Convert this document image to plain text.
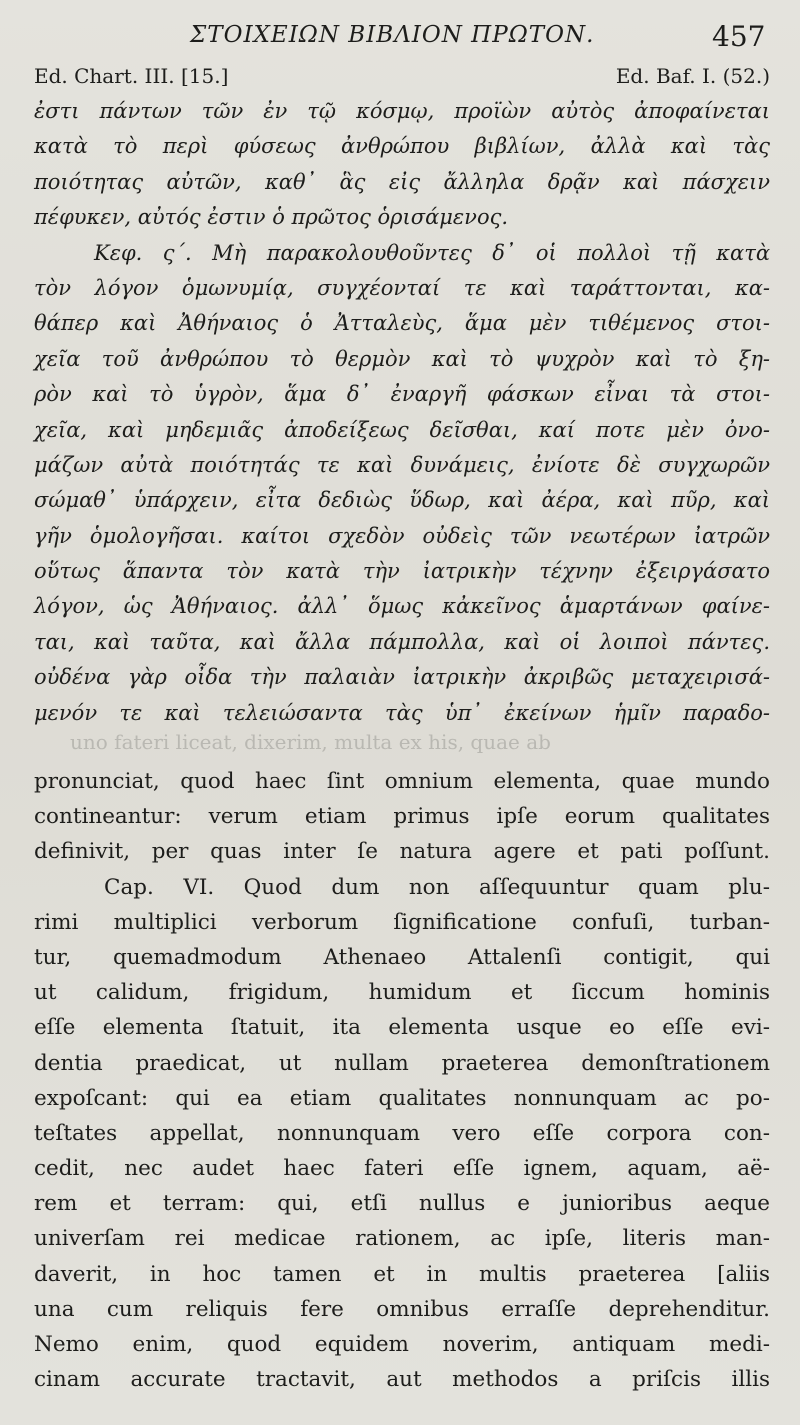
ΣΤΟΙΧΕΙΩΝ ΒΙΒΛΙΟΝ ΠΡΩΤΟΝ.	457
Ed. Chart. III. [15.]	Ed. Baf. I. (52.)
ἐστι πάντων τῶν ἐν τῷ κόσμῳ, προϊὼν αὐτὸς ἀποφαίνεται
κατὰ τὸ περὶ φύσεως ἀνθρώπου βιβλίων, ἀλλὰ καὶ τὰς
ποιότητας αὐτῶν, καθ᾽ ἃς εἰς ἄλληλα δρᾷν καὶ πάσχειν
πέφυκεν, αὐτός ἐστιν ὁ πρῶτος ὁρισάμενος.
Κεφ. ς΄. Μὴ παρακολουθοῦντες δ᾽ οἱ πολλοὶ τῇ κατὰ
τὸν λόγον ὁμωνυμίᾳ, συγχέονταί τε καὶ ταράττονται, κα-
θάπερ καὶ Ἀθήναιος ὁ Ἀτταλεὺς, ἅμα μὲν τιθέμενος στοι-
χεῖα τοῦ ἀνθρώπου τὸ θερμὸν καὶ τὸ ψυχρὸν καὶ τὸ ξη-
ρὸν καὶ τὸ ὑγρὸν, ἅμα δ᾽ ἐναργῆ φάσκων εἶναι τὰ στοι-
χεῖα, καὶ μηδεμιᾶς ἀποδείξεως δεῖσθαι, καί ποτε μὲν ὀνο-
μάζων αὐτὰ ποιότητάς τε καὶ δυνάμεις, ἐνίοτε δὲ συγχωρῶν
σώμαθ᾽ ὑπάρχειν, εἶτα δεδιὼς ὕδωρ, καὶ ἀέρα, καὶ πῦρ, καὶ
γῆν ὁμολογῆσαι. καίτοι σχεδὸν οὐδεὶς τῶν νεωτέρων ἰατρῶν
οὕτως ἅπαντα τὸν κατὰ τὴν ἰατρικὴν τέχνην ἐξειργάσατο
λόγον, ὡς Ἀθήναιος. ἀλλ᾽ ὅμως κἀκεῖνος ἁμαρτάνων φαίνε-
ται, καὶ ταῦτα, καὶ ἄλλα πάμπολλα, καὶ οἱ λοιποὶ πάντες.
οὐδένα γὰρ οἶδα τὴν παλαιὰν ἰατρικὴν ἀκριβῶς μεταχειρισά-
μενόν τε καὶ τελειώσαντα τὰς ὑπ᾽ ἐκείνων ἡμῖν παραδο-
uno fateri liceat, dixerim, multa ex his, quae ab
pronunciat, quod haec ſint omnium elementa, quae mundo
contineantur: verum etiam primus ipſe eorum qualitates
definivit, per quas inter ſe natura agere et pati poſſunt.
Cap. VI. Quod dum non aſſequuntur quam plu-
rimi multiplici verborum ſignificatione confuſi, turban-
tur, quemadmodum Athenaeo Attalenſi contigit, qui
ut calidum, frigidum, humidum et ſiccum hominis
eſſe elementa ſtatuit, ita elementa usque eo eſſe evi-
dentia praedicat, ut nullam praeterea demonſtrationem
expoſcant: qui ea etiam qualitates nonnunquam ac po-
teſtates appellat, nonnunquam vero eſſe corpora con-
cedit, nec audet haec fateri eſſe ignem, aquam, aë-
rem et terram: qui, etſi nullus e junioribus aeque
univerſam rei medicae rationem, ac ipſe, literis man-
daverit, in hoc tamen et in multis praeterea [aliis
una cum reliquis fere omnibus erraſſe deprehenditur.
Nemo enim, quod equidem noverim, antiquam medi-
cinam accurate tractavit, aut methodos a priſcis illis
